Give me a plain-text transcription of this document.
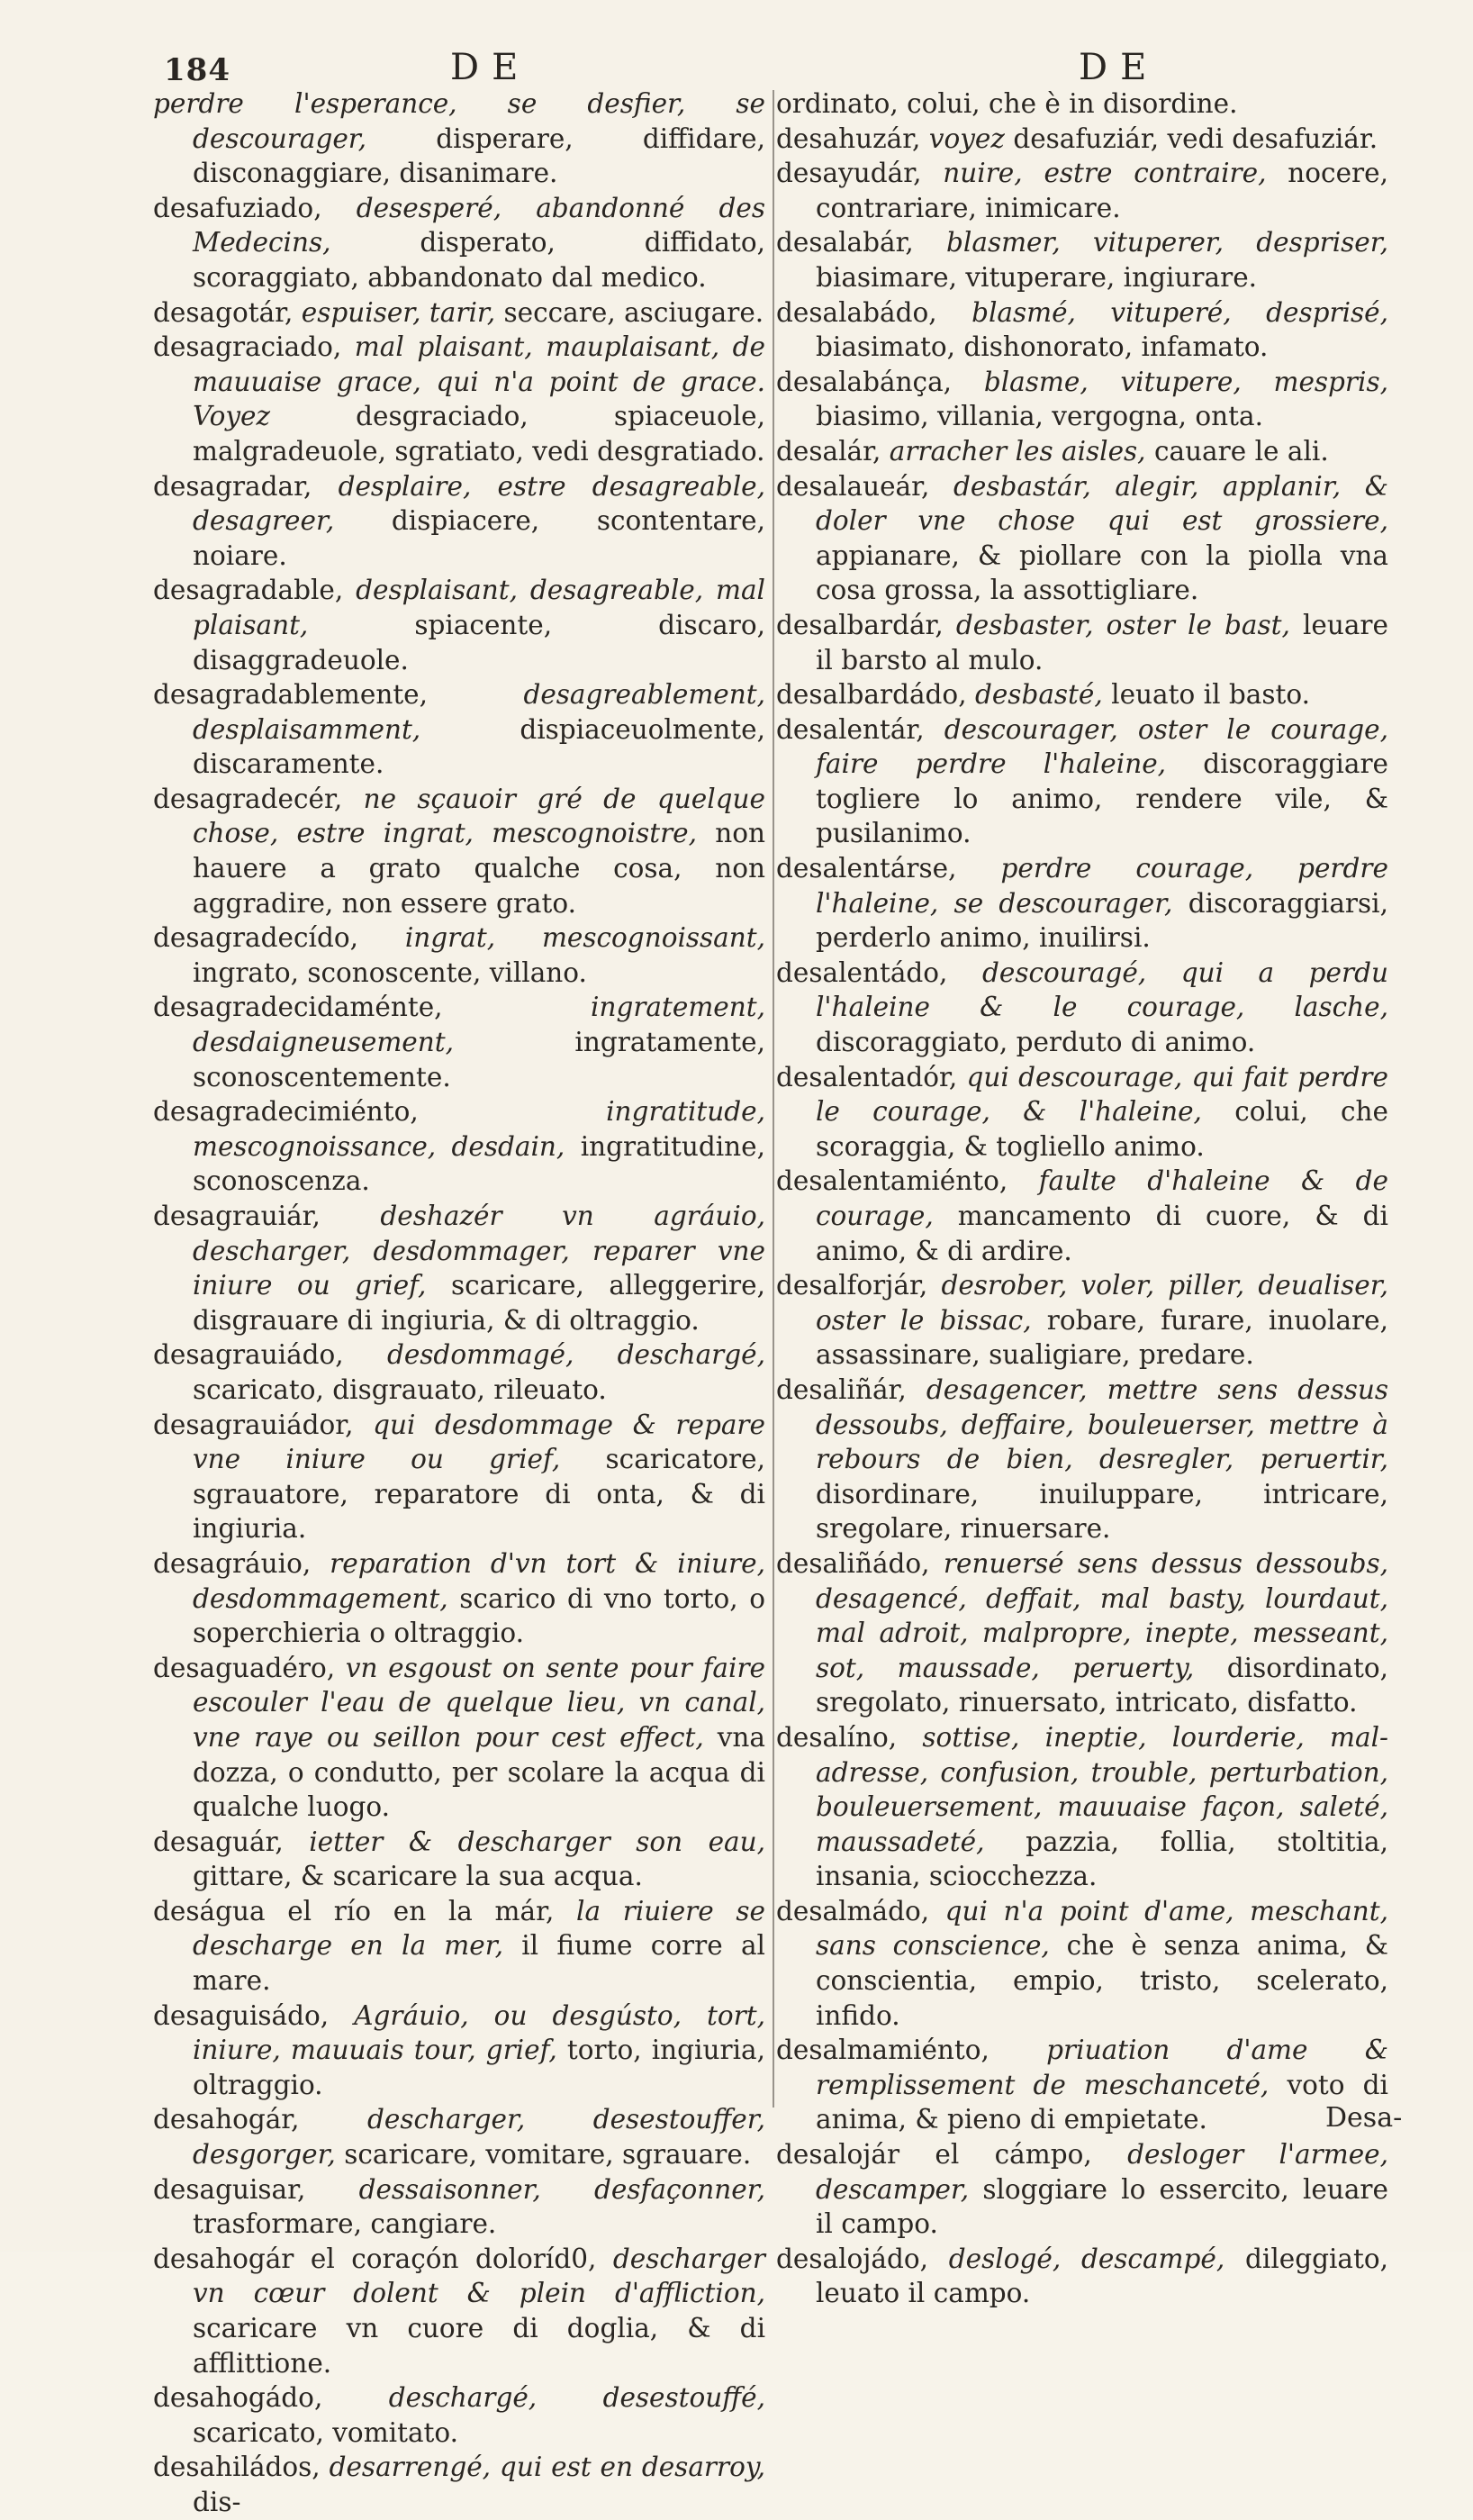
184	DE	DE
perdre l'esperance, se desfier, se descourager,	disperare, diffidare, disconaggiare, disanimare.
desafuziado, desesperé, abandonné des Medecins,	disperato, diffidato, scoraggiato, abbandonato dal medico.
desagotár, espuiser, tarir, seccare, asciugare.
desagraciado, mal plaisant, mauplaisant, de mauuaise grace, qui n'a point de grace. Voyez	desgraciado, spiaceuole, malgradeuole, sgratiato, vedi desgratiado.
desagradar, desplaire, estre desagreable, desagreer, dispiacere, scontentare, noiare.
desagradable, desplaisant, desagreable, mal plaisant,	spiacente, discaro, disaggradeuole.
desagradablemente,	desagreablement, desplaisamment,	dispiaceuolmente, discaramente.
desagradecér, ne sçauoir gré de quelque chose, estre ingrat, mescognoistre, non hauere a grato qualche cosa, non aggradire, non essere grato.
desagradecído, ingrat, mescognoissant, ingrato, sconoscente, villano.
desagradecidaménte,	ingratement, desdaigneusement,	ingratamente, sconoscentemente.
desagradecimiénto,	ingratitude, mescognoissance, desdain, ingratitudine, sconoscenza.
desagrauiár, deshazér vn agráuio, descharger, desdommager, reparer vne iniure ou grief, scaricare, alleggerire, disgrauare di ingiuria, & di oltraggio.
desagrauiádo, desdommagé, deschargé, scaricato, disgrauato, rileuato.
desagrauiádor, qui desdommage & repare vne iniure ou grief, scaricatore, sgrauatore, reparatore di onta, & di ingiuria.
desagráuio, reparation d'vn tort & iniure, desdommagement, scarico di vno torto, o soperchieria o oltraggio.
desaguadéro, vn esgoust on sente pour faire escouler l'eau de quelque lieu, vn canal, vne raye ou seillon pour cest effect, vna dozza, o condutto, per scolare la acqua di qualche luogo.
desaguár, ietter & descharger son eau, gittare, & scaricare la sua acqua.
deságua el río en la már, la riuiere se descharge en la mer, il fiume corre al mare.
desaguisádo, Agráuio, ou desgústo, tort, iniure, mauuais tour, grief, torto, ingiuria, oltraggio.
desahogár,	descharger, desestouffer, desgorger, scaricare, vomitare, sgrauare.
desaguisar, dessaisonner, desfaçonner, trasformare, cangiare.
desahogár el coraçón doloríd0, descharger vn cœur dolent & plein d'affliction, scaricare vn cuore di doglia, & di afflittione.
desahogádo, deschargé, desestouffé, scaricato, vomitato.
desahiládos, desarrengé, qui est en desarroy, dis-
ordinato, colui, che è in disordine.
desahuzár, voyez desafuziár, vedi desafuziár.
desayudár, nuire, estre contraire, nocere, contrariare, inimicare.
desalabár, blasmer, vituperer, despriser, biasimare, vituperare, ingiurare.
desalabádo, blasmé, vituperé, desprisé, biasimato, dishonorato, infamato.
desalabánça, blasme, vitupere, mespris, biasimo, villania, vergogna, onta.
desalár, arracher les aisles, cauare le ali.
desalaueár, desbastár, alegir, applanir, & doler vne chose qui est grossiere, appianare, & piollare con la piolla vna cosa grossa, la assottigliare.
desalbardár, desbaster, oster le bast, leuare il barsto al mulo.
desalbardádo, desbasté, leuato il basto.
desalentár, descourager, oster le courage, faire perdre l'haleine, discoraggiare togliere lo animo, rendere vile, & pusilanimo.
desalentárse, perdre courage, perdre l'haleine, se descourager, discoraggiarsi, perderlo animo, inuilirsi.
desalentádo, descouragé, qui a perdu l'haleine & le courage, lasche, discoraggiato, perduto di animo.
desalentadór, qui descourage, qui fait perdre le courage, & l'haleine, colui, che scoraggia, & togliello animo.
desalentamiénto, faulte d'haleine & de courage, mancamento di cuore, & di animo, & di ardire.
desalforjár, desrober, voler, piller, deualiser, oster le bissac, robare, furare, inuolare, assassinare, sualigiare, predare.
desaliñár, desagencer, mettre sens dessus dessoubs, deffaire, bouleuerser, mettre à rebours de bien, desregler, peruertir, disordinare, inuiluppare, intricare, sregolare, rinuersare.
desaliñádo, renuersé sens dessus dessoubs, desagencé, deffait, mal basty, lourdaut, mal adroit, malpropre, inepte, messeant, sot, maussade, peruerty, disordinato, sregolato, rinuersato, intricato, disfatto.
desalíno, sottise, ineptie, lourderie, mal-adresse, confusion, trouble, perturbation, bouleuersement, mauuaise façon, saleté, maussadeté, pazzia, follia, stoltitia, insania, sciocchezza.
desalmádo, qui n'a point d'ame, meschant, sans conscience, che è senza anima, & conscientia, empio, tristo, scelerato, infido.
desalmamiénto, priuation d'ame & remplissement de meschanceté, voto di anima, & pieno di empietate.
desalojár el cámpo, desloger l'armee, descamper, sloggiare lo essercito, leuare il campo.
desalojádo, deslogé, descampé, dileggiato, leuato il campo.
Desa-
